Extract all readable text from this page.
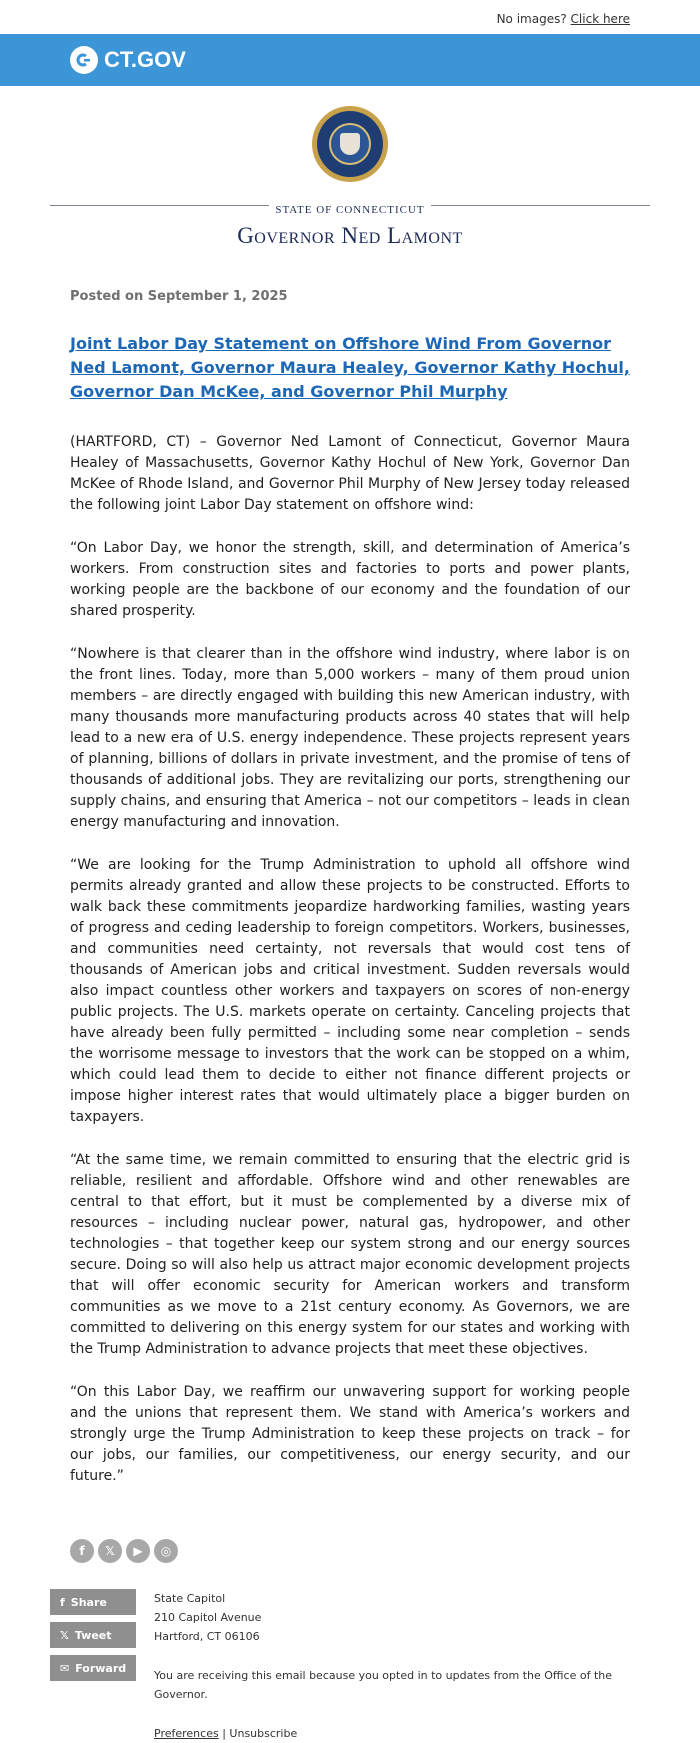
No images? Click here
CT.GOV
STATE OF CONNECTICUT
Governor Ned Lamont
Posted on September 1, 2025
Joint Labor Day Statement on Offshore Wind From Governor Ned Lamont, Governor Maura Healey, Governor Kathy Hochul, Governor Dan McKee, and Governor Phil Murphy

(HARTFORD, CT) – Governor Ned Lamont of Connecticut, Governor Maura Healey of Massachusetts, Governor Kathy Hochul of New York, Governor Dan McKee of Rhode Island, and Governor Phil Murphy of New Jersey today released the following joint Labor Day statement on offshore wind:

“On Labor Day, we honor the strength, skill, and determination of America’s workers. From construction sites and factories to ports and power plants, working people are the backbone of our economy and the foundation of our shared prosperity.

“Nowhere is that clearer than in the offshore wind industry, where labor is on the front lines. Today, more than 5,000 workers – many of them proud union members – are directly engaged with building this new American industry, with many thousands more manufacturing products across 40 states that will help lead to a new era of U.S. energy independence. These projects represent years of planning, billions of dollars in private investment, and the promise of tens of thousands of additional jobs. They are revitalizing our ports, strengthening our supply chains, and ensuring that America – not our competitors – leads in clean energy manufacturing and innovation.

“We are looking for the Trump Administration to uphold all offshore wind permits already granted and allow these projects to be constructed. Efforts to walk back these commitments jeopardize hardworking families, wasting years of progress and ceding leadership to foreign competitors. Workers, businesses, and communities need certainty, not reversals that would cost tens of thousands of American jobs and critical investment. Sudden reversals would also impact countless other workers and taxpayers on scores of non-energy public projects. The U.S. markets operate on certainty. Canceling projects that have already been fully permitted – including some near completion – sends the worrisome message to investors that the work can be stopped on a whim, which could lead them to decide to either not finance different projects or impose higher interest rates that would ultimately place a bigger burden on taxpayers.

“At the same time, we remain committed to ensuring that the electric grid is reliable, resilient and affordable. Offshore wind and other renewables are central to that effort, but it must be complemented by a diverse mix of resources – including nuclear power, natural gas, hydropower, and other technologies – that together keep our system strong and our energy sources secure. Doing so will also help us attract major economic development projects that will offer economic security for American workers and transform communities as we move to a 21st century economy. As Governors, we are committed to delivering on this energy system for our states and working with the Trump Administration to advance projects that meet these objectives.

“On this Labor Day, we reaffirm our unwavering support for working people and the unions that represent them. We stand with America’s workers and strongly urge the Trump Administration to keep these projects on track – for our jobs, our families, our competitiveness, our energy security, and our future.”

f	𝕏	▶	◎
f Share
𝕏 Tweet
✉ Forward
State Capitol
210 Capitol Avenue
Hartford, CT 06106
You are receiving this email because you opted in to updates from the Office of the Governor.
Preferences | Unsubscribe
